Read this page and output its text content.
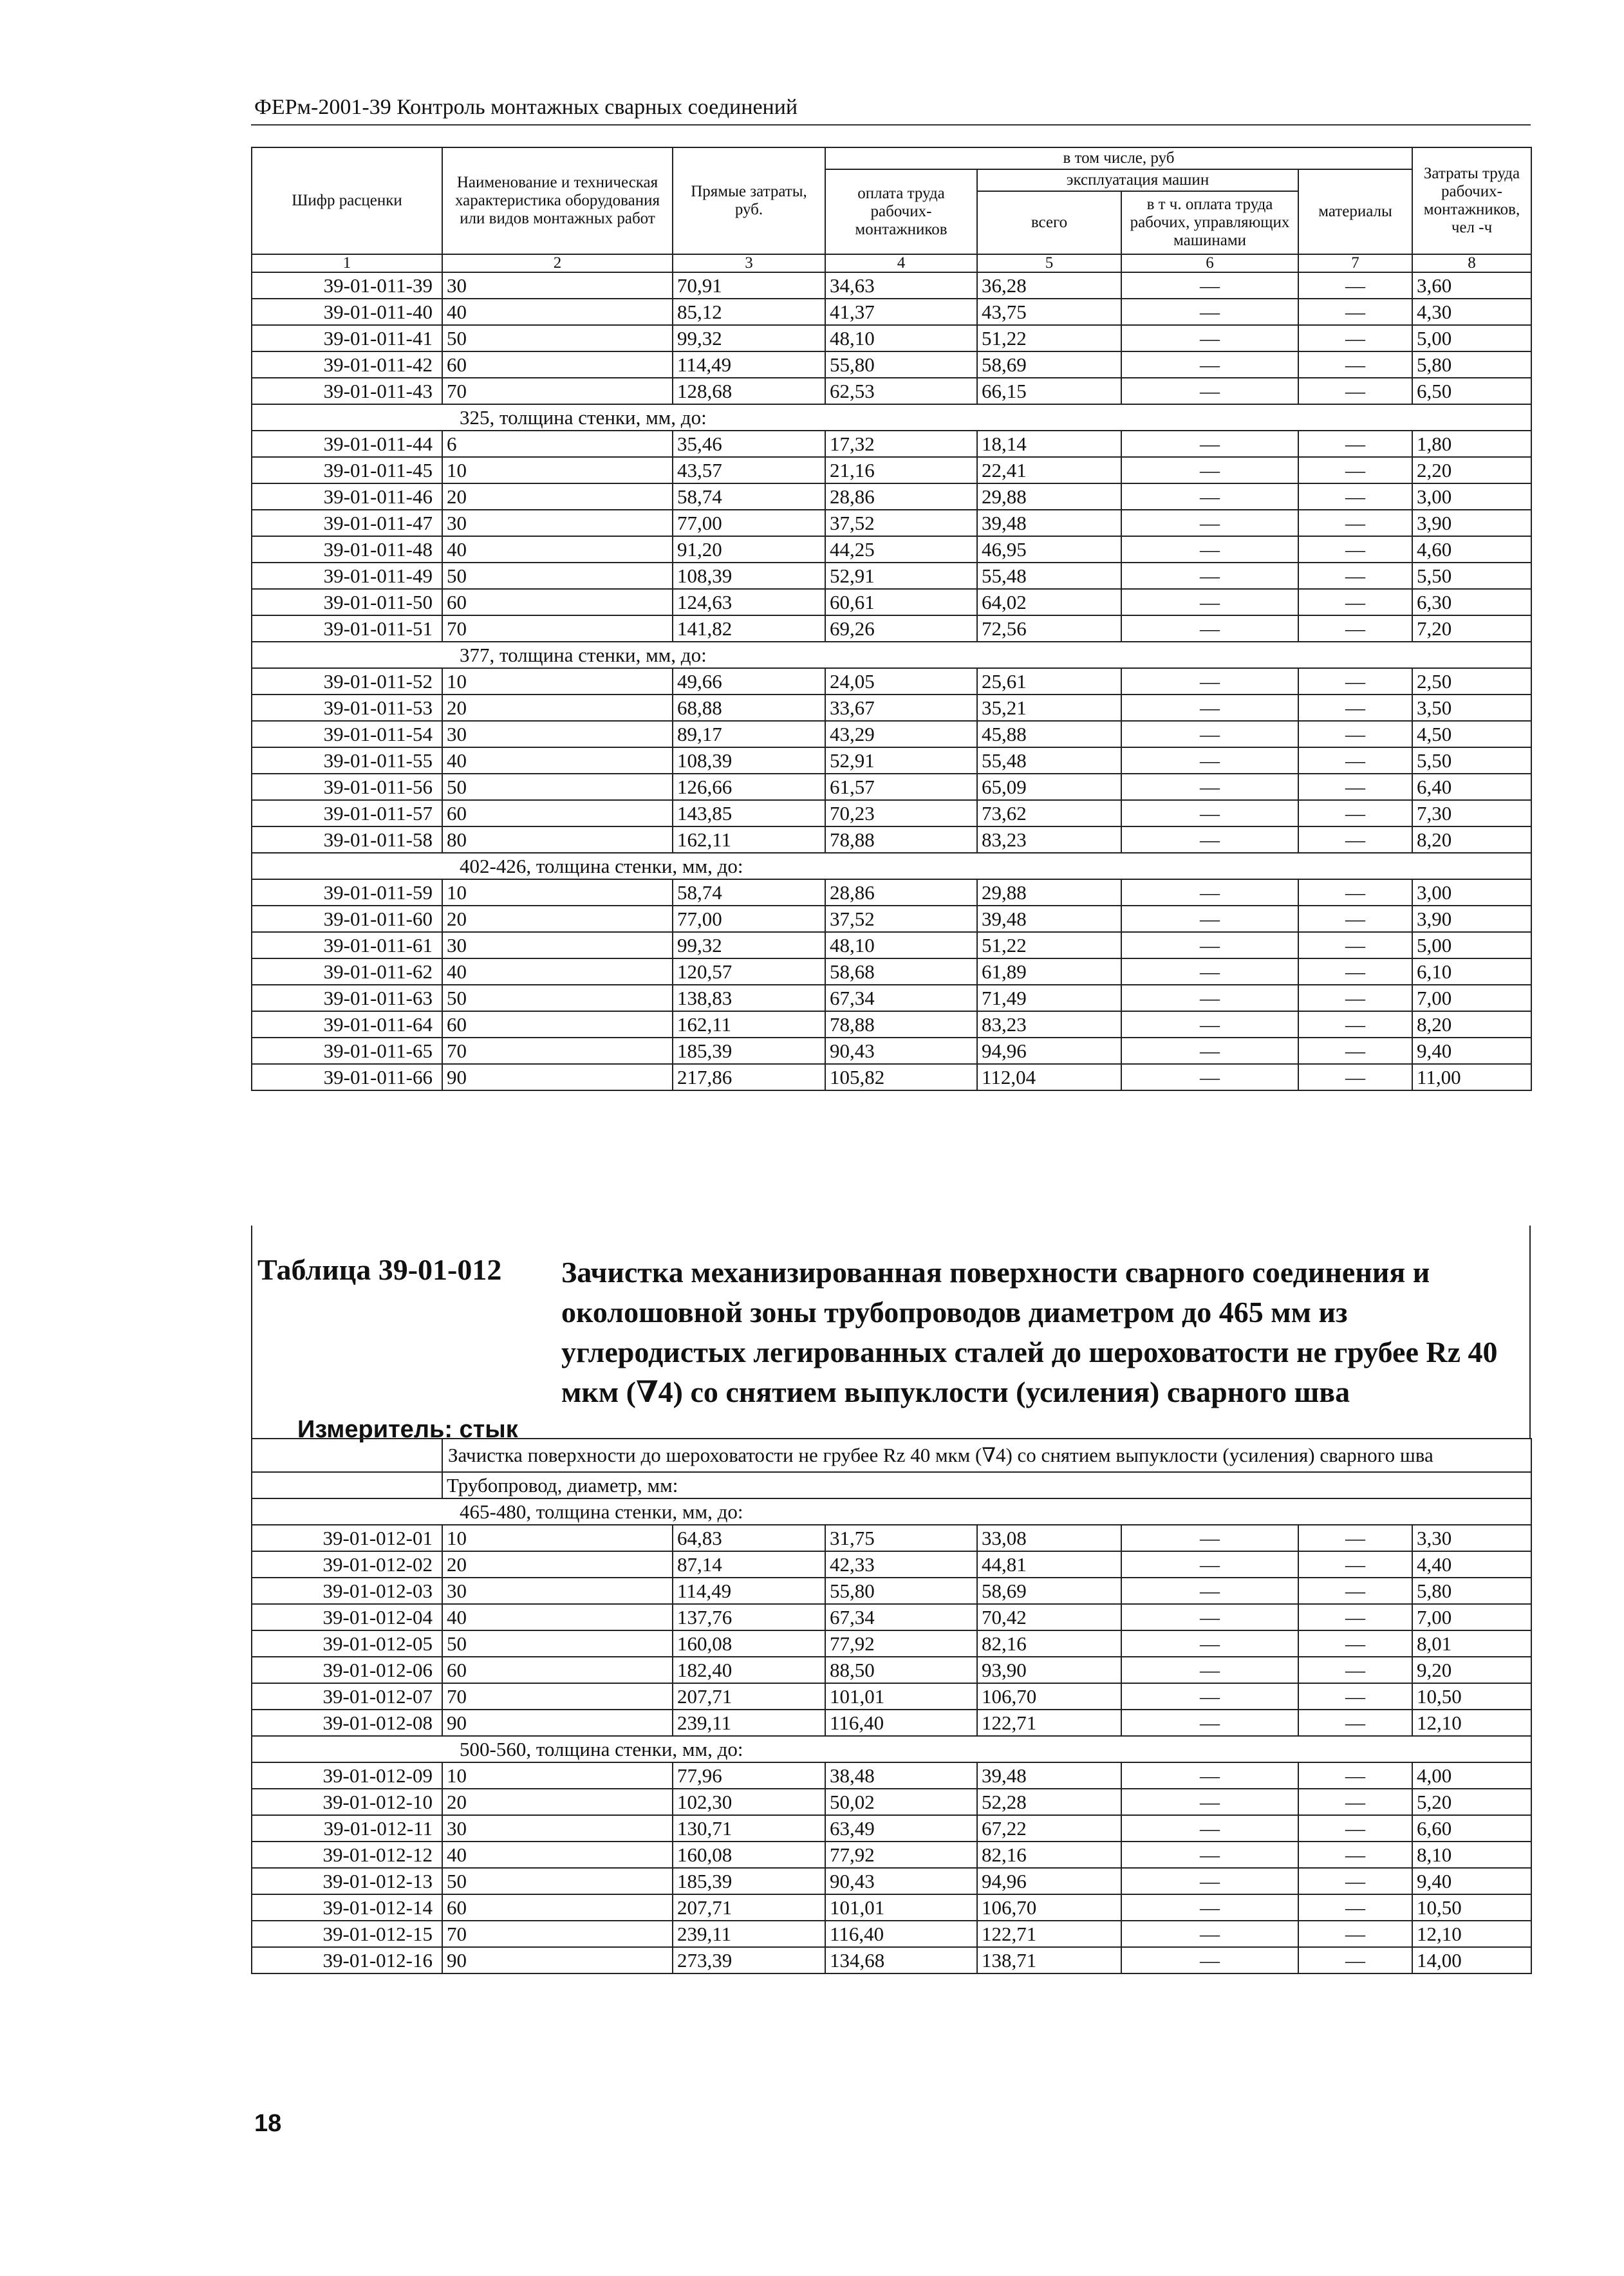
ФЕРм-2001-39 Контроль монтажных сварных соединений
Шифр расценки	Наименование и техническая характеристика оборудования или видов монтажных работ	Прямые затраты, руб.	в том числе, руб				Затраты труда рабочих-монтажников, чел -ч
			оплата труда рабочих-монтажников	эксплуатация машин		материалы	
				всего	в т ч. оплата труда рабочих, управляющих машинами		
1	2	3	4	5	6	7	8
39-01-011-39	30	70,91	34,63	36,28	—	—	3,60
39-01-011-40	40	85,12	41,37	43,75	—	—	4,30
39-01-011-41	50	99,32	48,10	51,22	—	—	5,00
39-01-011-42	60	114,49	55,80	58,69	—	—	5,80
39-01-011-43	70	128,68	62,53	66,15	—	—	6,50
325, толщина стенки, мм, до:							
39-01-011-44	6	35,46	17,32	18,14	—	—	1,80
39-01-011-45	10	43,57	21,16	22,41	—	—	2,20
39-01-011-46	20	58,74	28,86	29,88	—	—	3,00
39-01-011-47	30	77,00	37,52	39,48	—	—	3,90
39-01-011-48	40	91,20	44,25	46,95	—	—	4,60
39-01-011-49	50	108,39	52,91	55,48	—	—	5,50
39-01-011-50	60	124,63	60,61	64,02	—	—	6,30
39-01-011-51	70	141,82	69,26	72,56	—	—	7,20
377, толщина стенки, мм, до:							
39-01-011-52	10	49,66	24,05	25,61	—	—	2,50
39-01-011-53	20	68,88	33,67	35,21	—	—	3,50
39-01-011-54	30	89,17	43,29	45,88	—	—	4,50
39-01-011-55	40	108,39	52,91	55,48	—	—	5,50
39-01-011-56	50	126,66	61,57	65,09	—	—	6,40
39-01-011-57	60	143,85	70,23	73,62	—	—	7,30
39-01-011-58	80	162,11	78,88	83,23	—	—	8,20
402-426, толщина стенки, мм, до:							
39-01-011-59	10	58,74	28,86	29,88	—	—	3,00
39-01-011-60	20	77,00	37,52	39,48	—	—	3,90
39-01-011-61	30	99,32	48,10	51,22	—	—	5,00
39-01-011-62	40	120,57	58,68	61,89	—	—	6,10
39-01-011-63	50	138,83	67,34	71,49	—	—	7,00
39-01-011-64	60	162,11	78,88	83,23	—	—	8,20
39-01-011-65	70	185,39	90,43	94,96	—	—	9,40
39-01-011-66	90	217,86	105,82	112,04	—	—	11,00
Таблица 39-01-012 Зачистка механизированная поверхности сварного соединения и околошовной зоны трубопроводов диаметром до 465 мм из углеродистых легированных сталей до шероховатости не грубее Rz 40 мкм (∇4) со снятием выпуклости (усиления) сварного шва
Измеритель: стык
	Зачистка поверхности до шероховатости не грубее Rz 40 мкм (∇4) со снятием выпуклости (усиления) сварного шва						
	Трубопровод, диаметр, мм:						
465-480, толщина стенки, мм, до:							
39-01-012-01	10	64,83	31,75	33,08	—	—	3,30
39-01-012-02	20	87,14	42,33	44,81	—	—	4,40
39-01-012-03	30	114,49	55,80	58,69	—	—	5,80
39-01-012-04	40	137,76	67,34	70,42	—	—	7,00
39-01-012-05	50	160,08	77,92	82,16	—	—	8,01
39-01-012-06	60	182,40	88,50	93,90	—	—	9,20
39-01-012-07	70	207,71	101,01	106,70	—	—	10,50
39-01-012-08	90	239,11	116,40	122,71	—	—	12,10
500-560, толщина стенки, мм, до:							
39-01-012-09	10	77,96	38,48	39,48	—	—	4,00
39-01-012-10	20	102,30	50,02	52,28	—	—	5,20
39-01-012-11	30	130,71	63,49	67,22	—	—	6,60
39-01-012-12	40	160,08	77,92	82,16	—	—	8,10
39-01-012-13	50	185,39	90,43	94,96	—	—	9,40
39-01-012-14	60	207,71	101,01	106,70	—	—	10,50
39-01-012-15	70	239,11	116,40	122,71	—	—	12,10
39-01-012-16	90	273,39	134,68	138,71	—	—	14,00
18
